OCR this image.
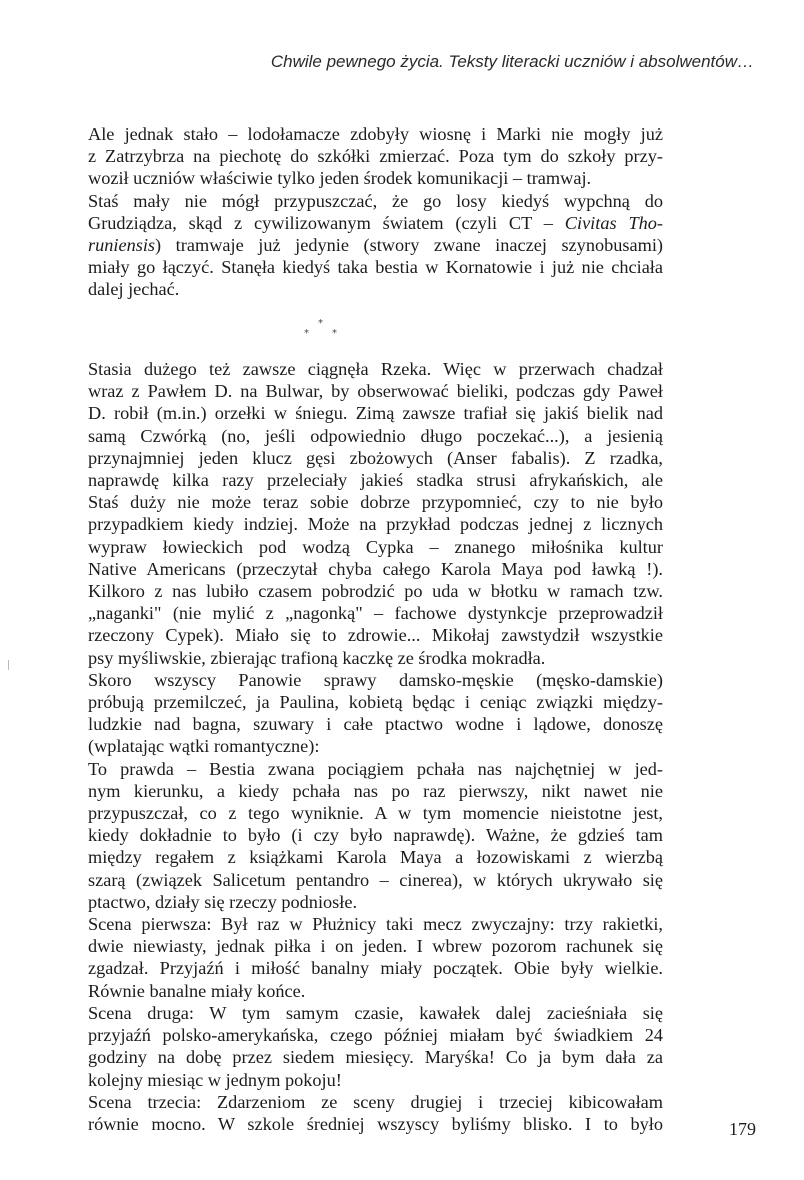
Chwile pewnego życia. Teksty literacki uczniów i absolwentów…

Ale jednak stało – lodołamacze zdobyły wiosnę i Marki nie mogły już
z Zatrzybrza na piechotę do szkółki zmierzać. Poza tym do szkoły przy-
woził uczniów właściwie tylko jeden środek komunikacji – tramwaj.

Staś mały nie mógł przypuszczać, że go losy kiedyś wypchną do
Grudziądza, skąd z cywilizowanym światem (czyli CT – Civitas Tho-
runiensis) tramwaje już jedynie (stwory zwane inaczej szynobusami)
miały go łączyć. Stanęła kiedyś taka bestia w Kornatowie i już nie chciała
dalej jechać.

*
* *

Stasia dużego też zawsze ciągnęła Rzeka. Więc w przerwach chadzał
wraz z Pawłem D. na Bulwar, by obserwować bieliki, podczas gdy Paweł
D. robił (m.in.) orzełki w śniegu. Zimą zawsze trafiał się jakiś bielik nad
samą Czwórką (no, jeśli odpowiednio długo poczekać...), a jesienią
przynajmniej jeden klucz gęsi zbożowych (Anser fabalis). Z rzadka,
naprawdę kilka razy przeleciały jakieś stadka strusi afrykańskich, ale
Staś duży nie może teraz sobie dobrze przypomnieć, czy to nie było
przypadkiem kiedy indziej. Może na przykład podczas jednej z licznych
wypraw łowieckich pod wodzą Cypka – znanego miłośnika kultur
Native Americans (przeczytał chyba całego Karola Maya pod ławką !).
Kilkoro z nas lubiło czasem pobrodzić po uda w błotku w ramach tzw.
„naganki" (nie mylić z „nagonką" – fachowe dystynkcje przeprowadził
rzeczony Cypek). Miało się to zdrowie... Mikołaj zawstydził wszystkie
psy myśliwskie, zbierając trafioną kaczkę ze środka mokradła.

Skoro wszyscy Panowie sprawy damsko-męskie (męsko-damskie)
próbują przemilczeć, ja Paulina, kobietą będąc i ceniąc związki między-
ludzkie nad bagna, szuwary i całe ptactwo wodne i lądowe, donoszę
(wplatając wątki romantyczne):

To prawda – Bestia zwana pociągiem pchała nas najchętniej w jed-
nym kierunku, a kiedy pchała nas po raz pierwszy, nikt nawet nie
przypuszczał, co z tego wyniknie. A w tym momencie nieistotne jest,
kiedy dokładnie to było (i czy było naprawdę). Ważne, że gdzieś tam
między regałem z książkami Karola Maya a łozowiskami z wierzbą
szarą (związek Salicetum pentandro – cinerea), w których ukrywało się
ptactwo, działy się rzeczy podniosłe.

Scena pierwsza: Był raz w Płużnicy taki mecz zwyczajny: trzy rakietki,
dwie niewiasty, jednak piłka i on jeden. I wbrew pozorom rachunek się
zgadzał. Przyjaźń i miłość banalny miały początek. Obie były wielkie.
Równie banalne miały końce.

Scena druga: W tym samym czasie, kawałek dalej zacieśniała się
przyjaźń polsko-amerykańska, czego później miałam być świadkiem 24
godziny na dobę przez siedem miesięcy. Maryśka! Co ja bym dała za
kolejny miesiąc w jednym pokoju!

Scena trzecia: Zdarzeniom ze sceny drugiej i trzeciej kibicowałam
równie mocno. W szkole średniej wszyscy byliśmy blisko. I to było	179
